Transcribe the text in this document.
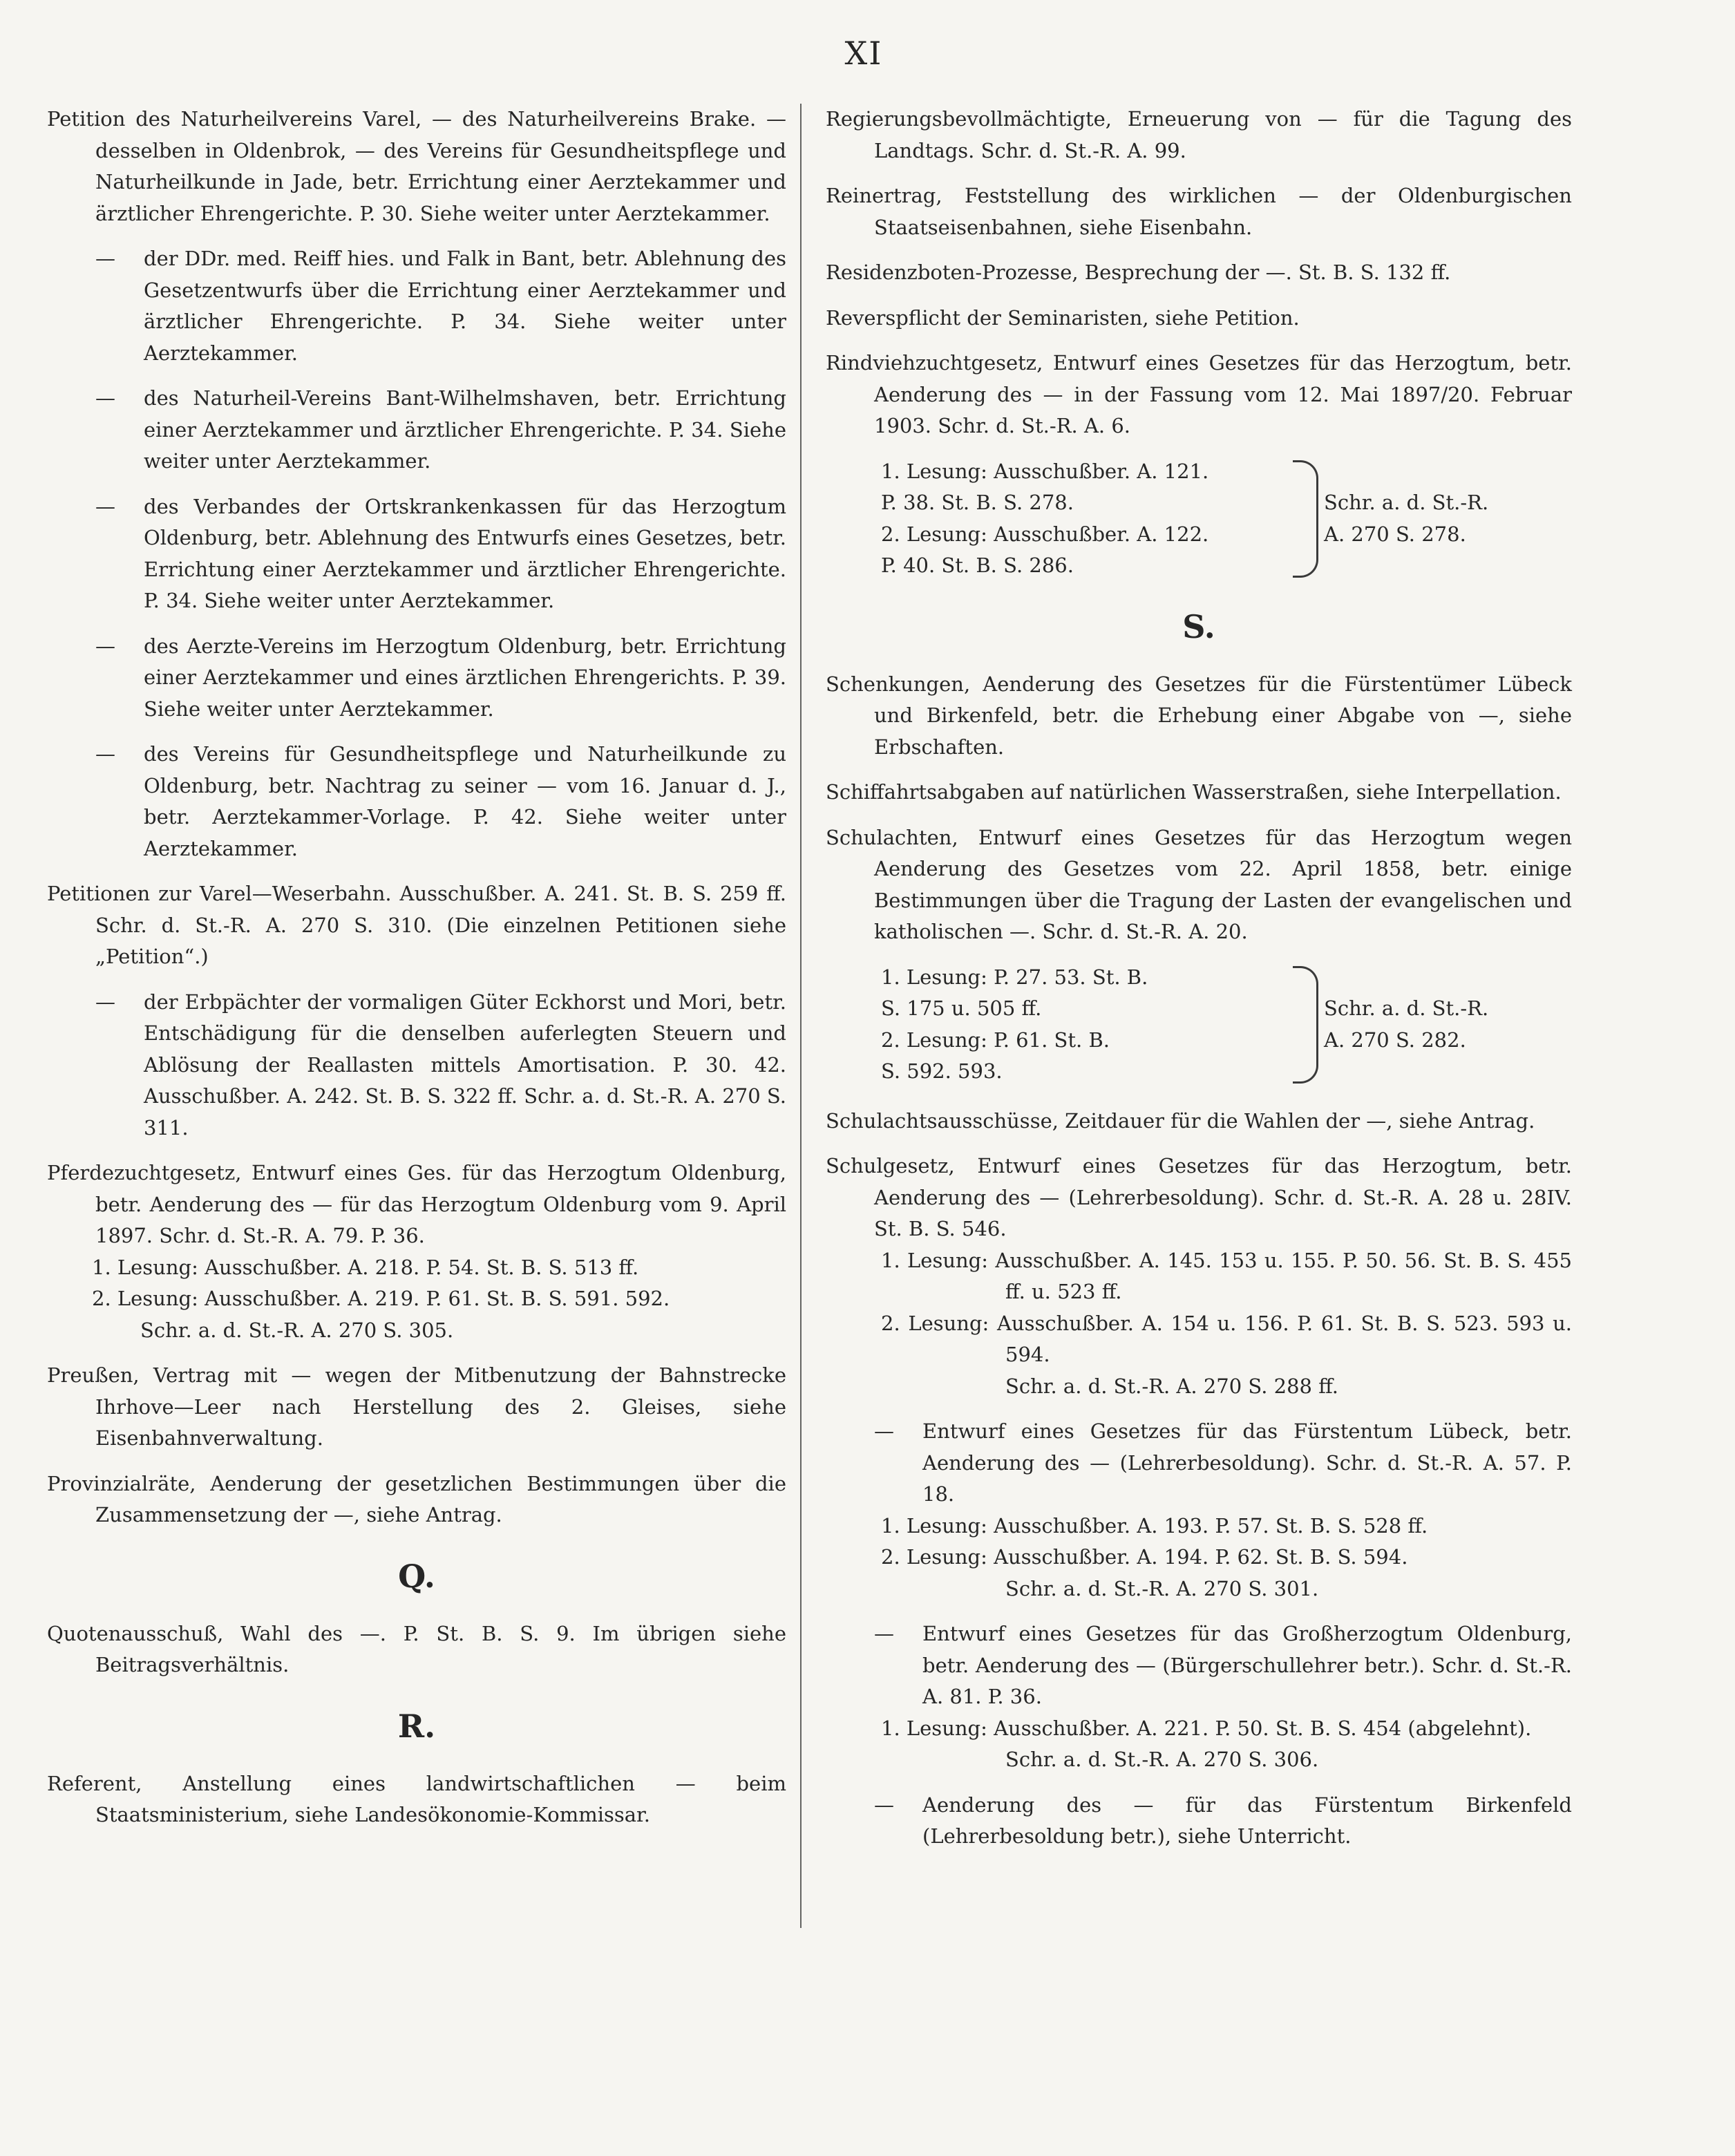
XI

Petition des Naturheilvereins Varel, — des Naturheilvereins Brake. — desselben in Oldenbrok, — des Vereins für Gesundheitspflege und Naturheilkunde in Jade, betr. Errichtung einer Aerztekammer und ärztlicher Ehrengerichte. P. 30. Siehe weiter unter Aerztekammer.

— der DDr. med. Reiff hies. und Falk in Bant, betr. Ablehnung des Gesetzentwurfs über die Errichtung einer Aerztekammer und ärztlicher Ehrengerichte. P. 34. Siehe weiter unter Aerztekammer.

— des Naturheil-Vereins Bant-Wilhelmshaven, betr. Errichtung einer Aerztekammer und ärztlicher Ehrengerichte. P. 34. Siehe weiter unter Aerztekammer.

— des Verbandes der Ortskrankenkassen für das Herzogtum Oldenburg, betr. Ablehnung des Entwurfs eines Gesetzes, betr. Errichtung einer Aerztekammer und ärztlicher Ehrengerichte. P. 34. Siehe weiter unter Aerztekammer.

— des Aerzte-Vereins im Herzogtum Oldenburg, betr. Errichtung einer Aerztekammer und eines ärztlichen Ehrengerichts. P. 39. Siehe weiter unter Aerztekammer.

— des Vereins für Gesundheitspflege und Naturheilkunde zu Oldenburg, betr. Nachtrag zu seiner — vom 16. Januar d. J., betr. Aerztekammer-Vorlage. P. 42. Siehe weiter unter Aerztekammer.

Petitionen zur Varel—Weserbahn. Ausschußber. A. 241. St. B. S. 259 ff. Schr. d. St.-R. A. 270 S. 310. (Die einzelnen Petitionen siehe „Petition“.)

— der Erbpächter der vormaligen Güter Eckhorst und Mori, betr. Entschädigung für die denselben auferlegten Steuern und Ablösung der Reallasten mittels Amortisation. P. 30. 42. Ausschußber. A. 242. St. B. S. 322 ff. Schr. a. d. St.-R. A. 270 S. 311.

Pferdezuchtgesetz, Entwurf eines Ges. für das Herzogtum Oldenburg, betr. Aenderung des — für das Herzogtum Oldenburg vom 9. April 1897. Schr. d. St.-R. A. 79. P. 36.

1. Lesung: Ausschußber. A. 218. P. 54. St. B. S. 513 ff.

2. Lesung: Ausschußber. A. 219. P. 61. St. B. S. 591. 592.

Schr. a. d. St.-R. A. 270 S. 305.

Preußen, Vertrag mit — wegen der Mitbenutzung der Bahnstrecke Ihrhove—Leer nach Herstellung des 2. Gleises, siehe Eisenbahnverwaltung.

Provinzialräte, Aenderung der gesetzlichen Bestimmungen über die Zusammensetzung der —, siehe Antrag.

Q.

Quotenausschuß, Wahl des —. P. St. B. S. 9. Im übrigen siehe Beitragsverhältnis.

R.

Referent, Anstellung eines landwirtschaftlichen — beim Staatsministerium, siehe Landesökonomie-Kommissar.

Regierungsbevollmächtigte, Erneuerung von — für die Tagung des Landtags. Schr. d. St.-R. A. 99.

Reinertrag, Feststellung des wirklichen — der Oldenburgischen Staatseisenbahnen, siehe Eisenbahn.

Residenzboten-Prozesse, Besprechung der —. St. B. S. 132 ff.

Reverspflicht der Seminaristen, siehe Petition.

Rindviehzuchtgesetz, Entwurf eines Gesetzes für das Herzogtum, betr. Aenderung des — in der Fassung vom 12. Mai 1897/20. Februar 1903. Schr. d. St.-R. A. 6.

1. Lesung: Ausschußber. A. 121.

P. 38. St. B. S. 278.

2. Lesung: Ausschußber. A. 122.

P. 40. St. B. S. 286.

Schr. a. d. St.-R.

A. 270 S. 278.

S.

Schenkungen, Aenderung des Gesetzes für die Fürstentümer Lübeck und Birkenfeld, betr. die Erhebung einer Abgabe von —, siehe Erbschaften.

Schiffahrtsabgaben auf natürlichen Wasserstraßen, siehe Interpellation.

Schulachten, Entwurf eines Gesetzes für das Herzogtum wegen Aenderung des Gesetzes vom 22. April 1858, betr. einige Bestimmungen über die Tragung der Lasten der evangelischen und katholischen —. Schr. d. St.-R. A. 20.

1. Lesung: P. 27. 53. St. B.

S. 175 u. 505 ff.

2. Lesung: P. 61. St. B.

S. 592. 593.

Schr. a. d. St.-R.

A. 270 S. 282.

Schulachtsausschüsse, Zeitdauer für die Wahlen der —, siehe Antrag.

Schulgesetz, Entwurf eines Gesetzes für das Herzogtum, betr. Aenderung des — (Lehrerbesoldung). Schr. d. St.-R. A. 28 u. 28IV. St. B. S. 546.

1. Lesung: Ausschußber. A. 145. 153 u. 155. P. 50. 56. St. B. S. 455 ff. u. 523 ff.

2. Lesung: Ausschußber. A. 154 u. 156. P. 61. St. B. S. 523. 593 u. 594.

Schr. a. d. St.-R. A. 270 S. 288 ff.

— Entwurf eines Gesetzes für das Fürstentum Lübeck, betr. Aenderung des — (Lehrerbesoldung). Schr. d. St.-R. A. 57. P. 18.

1. Lesung: Ausschußber. A. 193. P. 57. St. B. S. 528 ff.

2. Lesung: Ausschußber. A. 194. P. 62. St. B. S. 594.

Schr. a. d. St.-R. A. 270 S. 301.

— Entwurf eines Gesetzes für das Großherzogtum Oldenburg, betr. Aenderung des — (Bürgerschullehrer betr.). Schr. d. St.-R. A. 81. P. 36.

1. Lesung: Ausschußber. A. 221. P. 50. St. B. S. 454 (abgelehnt).

Schr. a. d. St.-R. A. 270 S. 306.

— Aenderung des — für das Fürstentum Birkenfeld (Lehrerbesoldung betr.), siehe Unterricht.
